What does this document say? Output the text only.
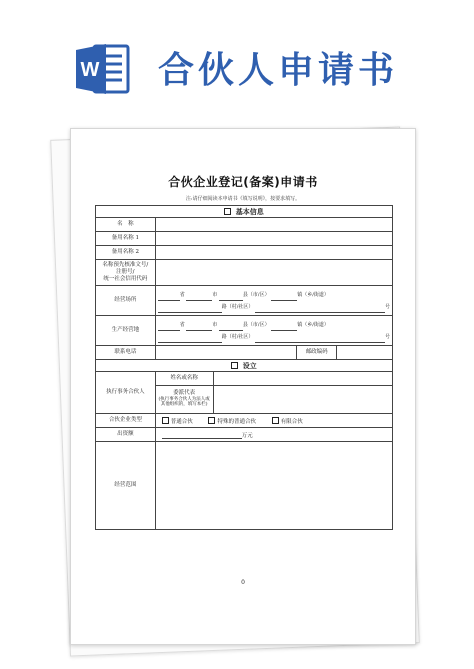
W 合伙人申请书
合伙企业登记(备案)申请书
注:请仔细阅读本申请书《填写说明》，按要求填写。
基本信息				
名　称				
备用名称 1				
备用名称 2				

名称预先核准文号/
注册号/
统一社会信用代码				

经营场所	省 市 县（市/区） 镇（乡/街道）
路（村/社区） 号			

生产经营地	省 市 县（市/区） 镇（乡/街道）
路（村/社区） 号			

联系电话			邮政编码	
设立				
执行事务合伙人	姓名或名称			

	委派代表
(执行事务合伙人为法人或
其他组织的，填写本栏)			

合伙企业类型	普通合伙 特殊的普通合伙 有限合伙			
出资额	万元			
经营范围				
0
